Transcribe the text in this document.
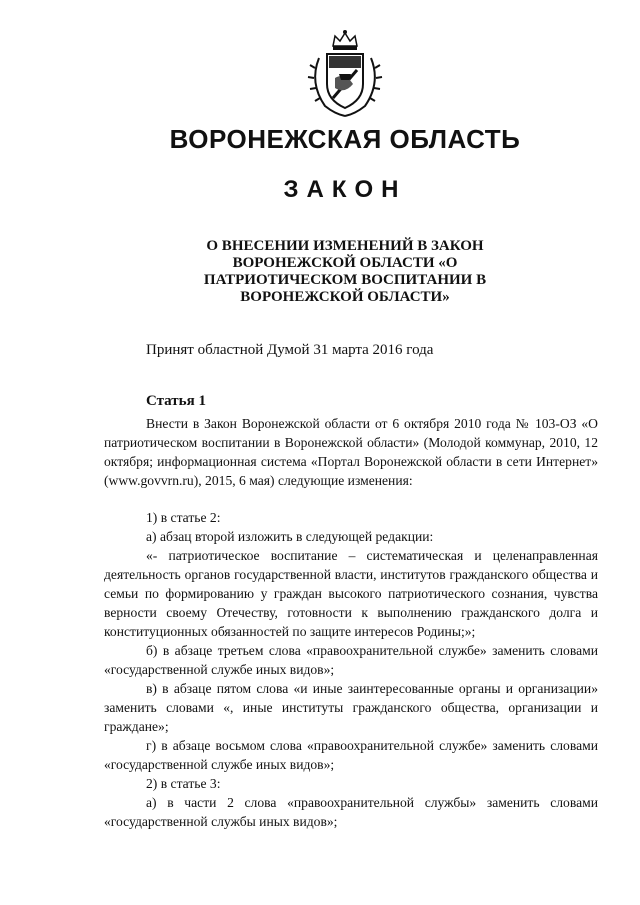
ВОРОНЕЖСКАЯ ОБЛАСТЬ
ЗАКОН
О ВНЕСЕНИИ ИЗМЕНЕНИЙ В ЗАКОН ВОРОНЕЖСКОЙ ОБЛАСТИ «О ПАТРИОТИЧЕСКОМ ВОСПИТАНИИ В ВОРОНЕЖСКОЙ ОБЛАСТИ»
Принят областной Думой 31 марта 2016 года
Статья 1

Внести в Закон Воронежской области от 6 октября 2010 года № 103-ОЗ «О патриотическом воспитании в Воронежской области» (Молодой коммунар, 2010, 12 октября; информационная система «Портал Воронежской области в сети Интернет» (www.govvrn.ru), 2015, 6 мая) следующие изменения:

1) в статье 2:

а) абзац второй изложить в следующей редакции:

«- патриотическое воспитание – систематическая и целенаправленная деятельность органов государственной власти, институтов гражданского общества и семьи по формированию у граждан высокого патриотического сознания, чувства верности своему Отечеству, готовности к выполнению гражданского долга и конституционных обязанностей по защите интересов Родины;»;

б) в абзаце третьем слова «правоохранительной службе» заменить словами «государственной службе иных видов»;

в) в абзаце пятом слова «и иные заинтересованные органы и организации» заменить словами «, иные институты гражданского общества, организации и граждане»;

г) в абзаце восьмом слова «правоохранительной службе» заменить словами «государственной службе иных видов»;

2) в статье 3:

а) в части 2 слова «правоохранительной службы» заменить словами «государственной службы иных видов»;
